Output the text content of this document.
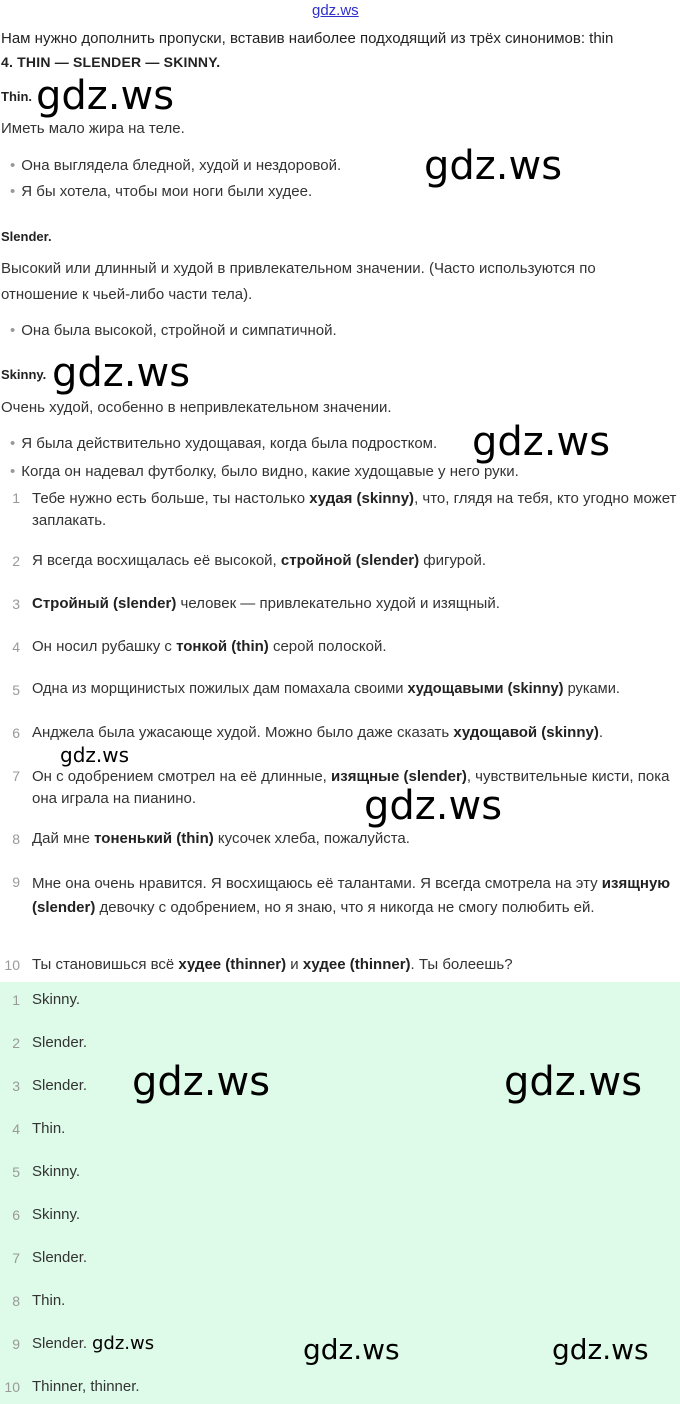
gdz.ws
Нам нужно дополнить пропуски, вставив наиболее подходящий из трёх синонимов: thin
4. THIN — SLENDER — SKINNY.
Thin.
Иметь мало жира на теле.
• Она выглядела бледной, худой и нездоровой.
• Я бы хотела, чтобы мои ноги были худее.
Slender.
Высокий или длинный и худой в привлекательном значении. (Часто используются по отношение к чьей-либо части тела).
• Она была высокой, стройной и симпатичной.
Skinny.
Очень худой, особенно в непривлекательном значении.
• Я была действительно худощавая, когда была подростком.
• Когда он надевал футболку, было видно, какие худощавые у него руки.
1 Тебе нужно есть больше, ты настолько худая (skinny), что, глядя на тебя, кто угодно может заплакать.
2 Я всегда восхищалась её высокой, стройной (slender) фигурой.
3 Стройный (slender) человек — привлекательно худой и изящный.
4 Он носил рубашку с тонкой (thin) серой полоской.
5 Одна из морщинистых пожилых дам помахала своими худощавыми (skinny) руками.
6 Анджела была ужасающе худой. Можно было даже сказать худощавой (skinny).
7 Он с одобрением смотрел на её длинные, изящные (slender), чувствительные кисти, пока она играла на пианино.
8 Дай мне тоненький (thin) кусочек хлеба, пожалуйста.
9 Мне она очень нравится. Я восхищаюсь её талантами. Я всегда смотрела на эту изящную (slender) девочку с одобрением, но я знаю, что я никогда не смогу полюбить ей.
10 Ты становишься всё худее (thinner) и худее (thinner). Ты болеешь?
1 Skinny.
2 Slender.
3 Slender.
4 Thin.
5 Skinny.
6 Skinny.
7 Slender.
8 Thin.
9 Slender.
10 Thinner, thinner.
gdz.ws
gdz.ws
gdz.ws
gdz.ws
gdz.ws
gdz.ws
gdz.ws	gdz.ws
gdz.ws	gdz.ws	gdz.ws
